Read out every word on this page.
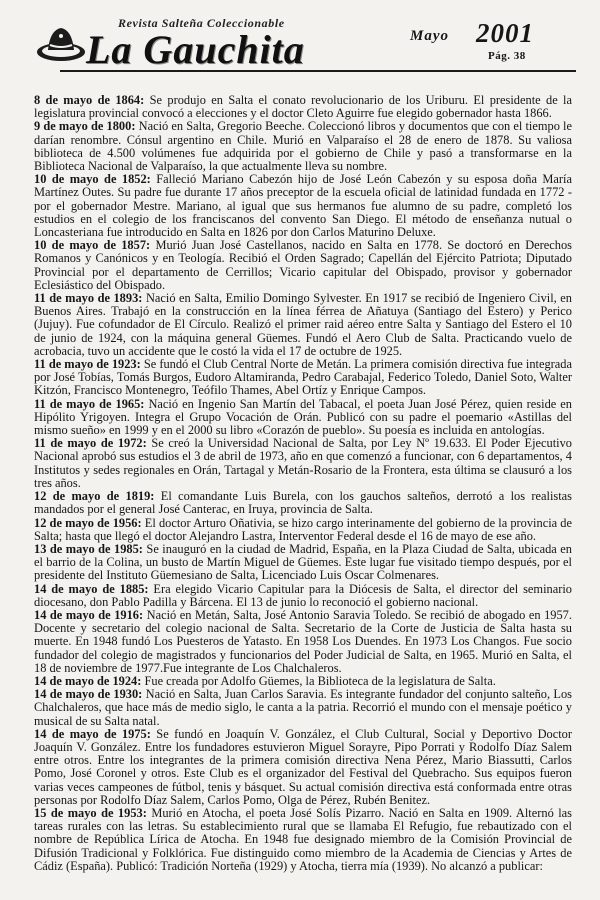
Revista Salteña Coleccionable
La Gauchita	Mayo 2001
Pág. 38

8 de mayo de 1864: Se produjo en Salta el conato revolucionario de los Uriburu. El presidente de la legislatura provincial convocó a elecciones y el doctor Cleto Aguirre fue elegido gobernador hasta 1866.

9 de mayo de 1800: Nació en Salta, Gregorio Beeche. Coleccionó libros y documentos que con el tiempo le darían renombre. Cónsul argentino en Chile. Murió en Valparaíso el 28 de enero de 1878. Su valiosa biblioteca de 4.500 volúmenes fue adquirida por el gobierno de Chile y pasó a transformarse en la Biblioteca Nacional de Valparaíso, la que actualmente lleva su nombre.

10 de mayo de 1852: Falleció Mariano Cabezón hijo de José León Cabezón y su esposa doña María Martínez Outes. Su padre fue durante 17 años preceptor de la escuela oficial de latinidad fundada en 1772 - por el gobernador Mestre. Mariano, al igual que sus hermanos fue alumno de su padre, completó los estudios en el colegio de los franciscanos del convento San Diego. El método de enseñanza nutual o Loncasteriana fue introducido en Salta en 1826 por don Carlos Maturino Deluxe.

10 de mayo de 1857: Murió Juan José Castellanos, nacido en Salta en 1778. Se doctoró en Derechos Romanos y Canónicos y en Teología. Recibió el Orden Sagrado; Capellán del Ejército Patriota; Diputado Provincial por el departamento de Cerrillos; Vicario capitular del Obispado, provisor y gobernador Eclesiástico del Obispado.

11 de mayo de 1893: Nació en Salta, Emilio Domingo Sylvester. En 1917 se recibió de Ingeniero Civil, en Buenos Aires. Trabajó en la construcción en la línea férrea de Añatuya (Santiago del Estero) y Perico (Jujuy). Fue cofundador de El Círculo. Realizó el primer raid aéreo entre Salta y Santiago del Estero el 10 de junio de 1924, con la máquina general Güemes. Fundó el Aero Club de Salta. Practicando vuelo de acrobacia, tuvo un accidente que le costó la vida el 17 de octubre de 1925.

11 de mayo de 1923: Se fundó el Club Central Norte de Metán. La primera comisión directiva fue integrada por José Tobías, Tomás Burgos, Eudoro Altamiranda, Pedro Carabajal, Federico Toledo, Daniel Soto, Walter Kitzón, Francisco Montenegro, Teófilo Thames, Abel Ortíz y Enrique Campos.

11 de mayo de 1965: Nació en Ingenio San Martín del Tabacal, el poeta Juan José Pérez, quien reside en Hipólito Yrigoyen. Integra el Grupo Vocación de Orán. Publicó con su padre el poemario «Astillas del mismo sueño» en 1999 y en el 2000 su libro «Corazón de pueblo». Su poesía es incluida en antologías.

11 de mayo de 1972: Se creó la Universidad Nacional de Salta, por Ley Nº 19.633. El Poder Ejecutivo Nacional aprobó sus estudios el 3 de abril de 1973, año en que comenzó a funcionar, con 6 departamentos, 4 Institutos y sedes regionales en Orán, Tartagal y Metán-Rosario de la Frontera, esta última se clausuró a los tres años.

12 de mayo de 1819: El comandante Luis Burela, con los gauchos salteños, derrotó a los realistas mandados por el general José Canterac, en Iruya, provincia de Salta.

12 de mayo de 1956: El doctor Arturo Oñativia, se hizo cargo interinamente del gobierno de la provincia de Salta; hasta que llegó el doctor Alejandro Lastra, Interventor Federal desde el 16 de mayo de ese año.

13 de mayo de 1985: Se inauguró en la ciudad de Madrid, España, en la Plaza Ciudad de Salta, ubicada en el barrio de la Colina, un busto de Martín Miguel de Güemes. Este lugar fue visitado tiempo después, por el presidente del Instituto Güemesiano de Salta, Licenciado Luis Oscar Colmenares.

14 de mayo de 1885: Era elegido Vicario Capitular para la Diócesis de Salta, el director del seminario diocesano, don Pablo Padilla y Bárcena. El 13 de junio lo reconoció el gobierno nacional.

14 de mayo de 1916: Nació en Metán, Salta, José Antonio Saravia Toledo. Se recibió de abogado en 1957. Docente y secretario del colegio nacional de Salta. Secretario de la Corte de Justicia de Salta hasta su muerte. En 1948 fundó Los Puesteros de Yatasto. En 1958 Los Duendes. En 1973 Los Changos. Fue socio fundador del colegio de magistrados y funcionarios del Poder Judicial de Salta, en 1965. Murió en Salta, el 18 de noviembre de 1977.Fue integrante de Los Chalchaleros.

14 de mayo de 1924: Fue creada por Adolfo Güemes, la Biblioteca de la legislatura de Salta.

14 de mayo de 1930: Nació en Salta, Juan Carlos Saravia. Es integrante fundador del conjunto salteño, Los Chalchaleros, que hace más de medio siglo, le canta a la patria. Recorrió el mundo con el mensaje poético y musical de su Salta natal.

14 de mayo de 1975: Se fundó en Joaquín V. González, el Club Cultural, Social y Deportivo Doctor Joaquín V. González. Entre los fundadores estuvieron Miguel Sorayre, Pipo Porrati y Rodolfo Díaz Salem entre otros. Entre los integrantes de la primera comisión directiva Nena Pérez, Mario Biassutti, Carlos Pomo, José Coronel y otros. Este Club es el organizador del Festival del Quebracho. Sus equipos fueron varias veces campeones de fútbol, tenis y básquet. Su actual comisión directiva está conformada entre otras personas por Rodolfo Díaz Salem, Carlos Pomo, Olga de Pérez, Rubén Benitez.

15 de mayo de 1953: Murió en Atocha, el poeta José Solís Pizarro. Nació en Salta en 1909. Alternó las tareas rurales con las letras. Su establecimiento rural que se llamaba El Refugio, fue rebautizado con el nombre de República Lírica de Atocha. En 1948 fue designado miembro de la Comisión Provincial de Difusión Tradicional y Folklórica. Fue distinguido como miembro de la Academia de Ciencias y Artes de Cádiz (España). Publicó: Tradición Norteña (1929) y Atocha, tierra mía (1939). No alcanzó a publicar:
